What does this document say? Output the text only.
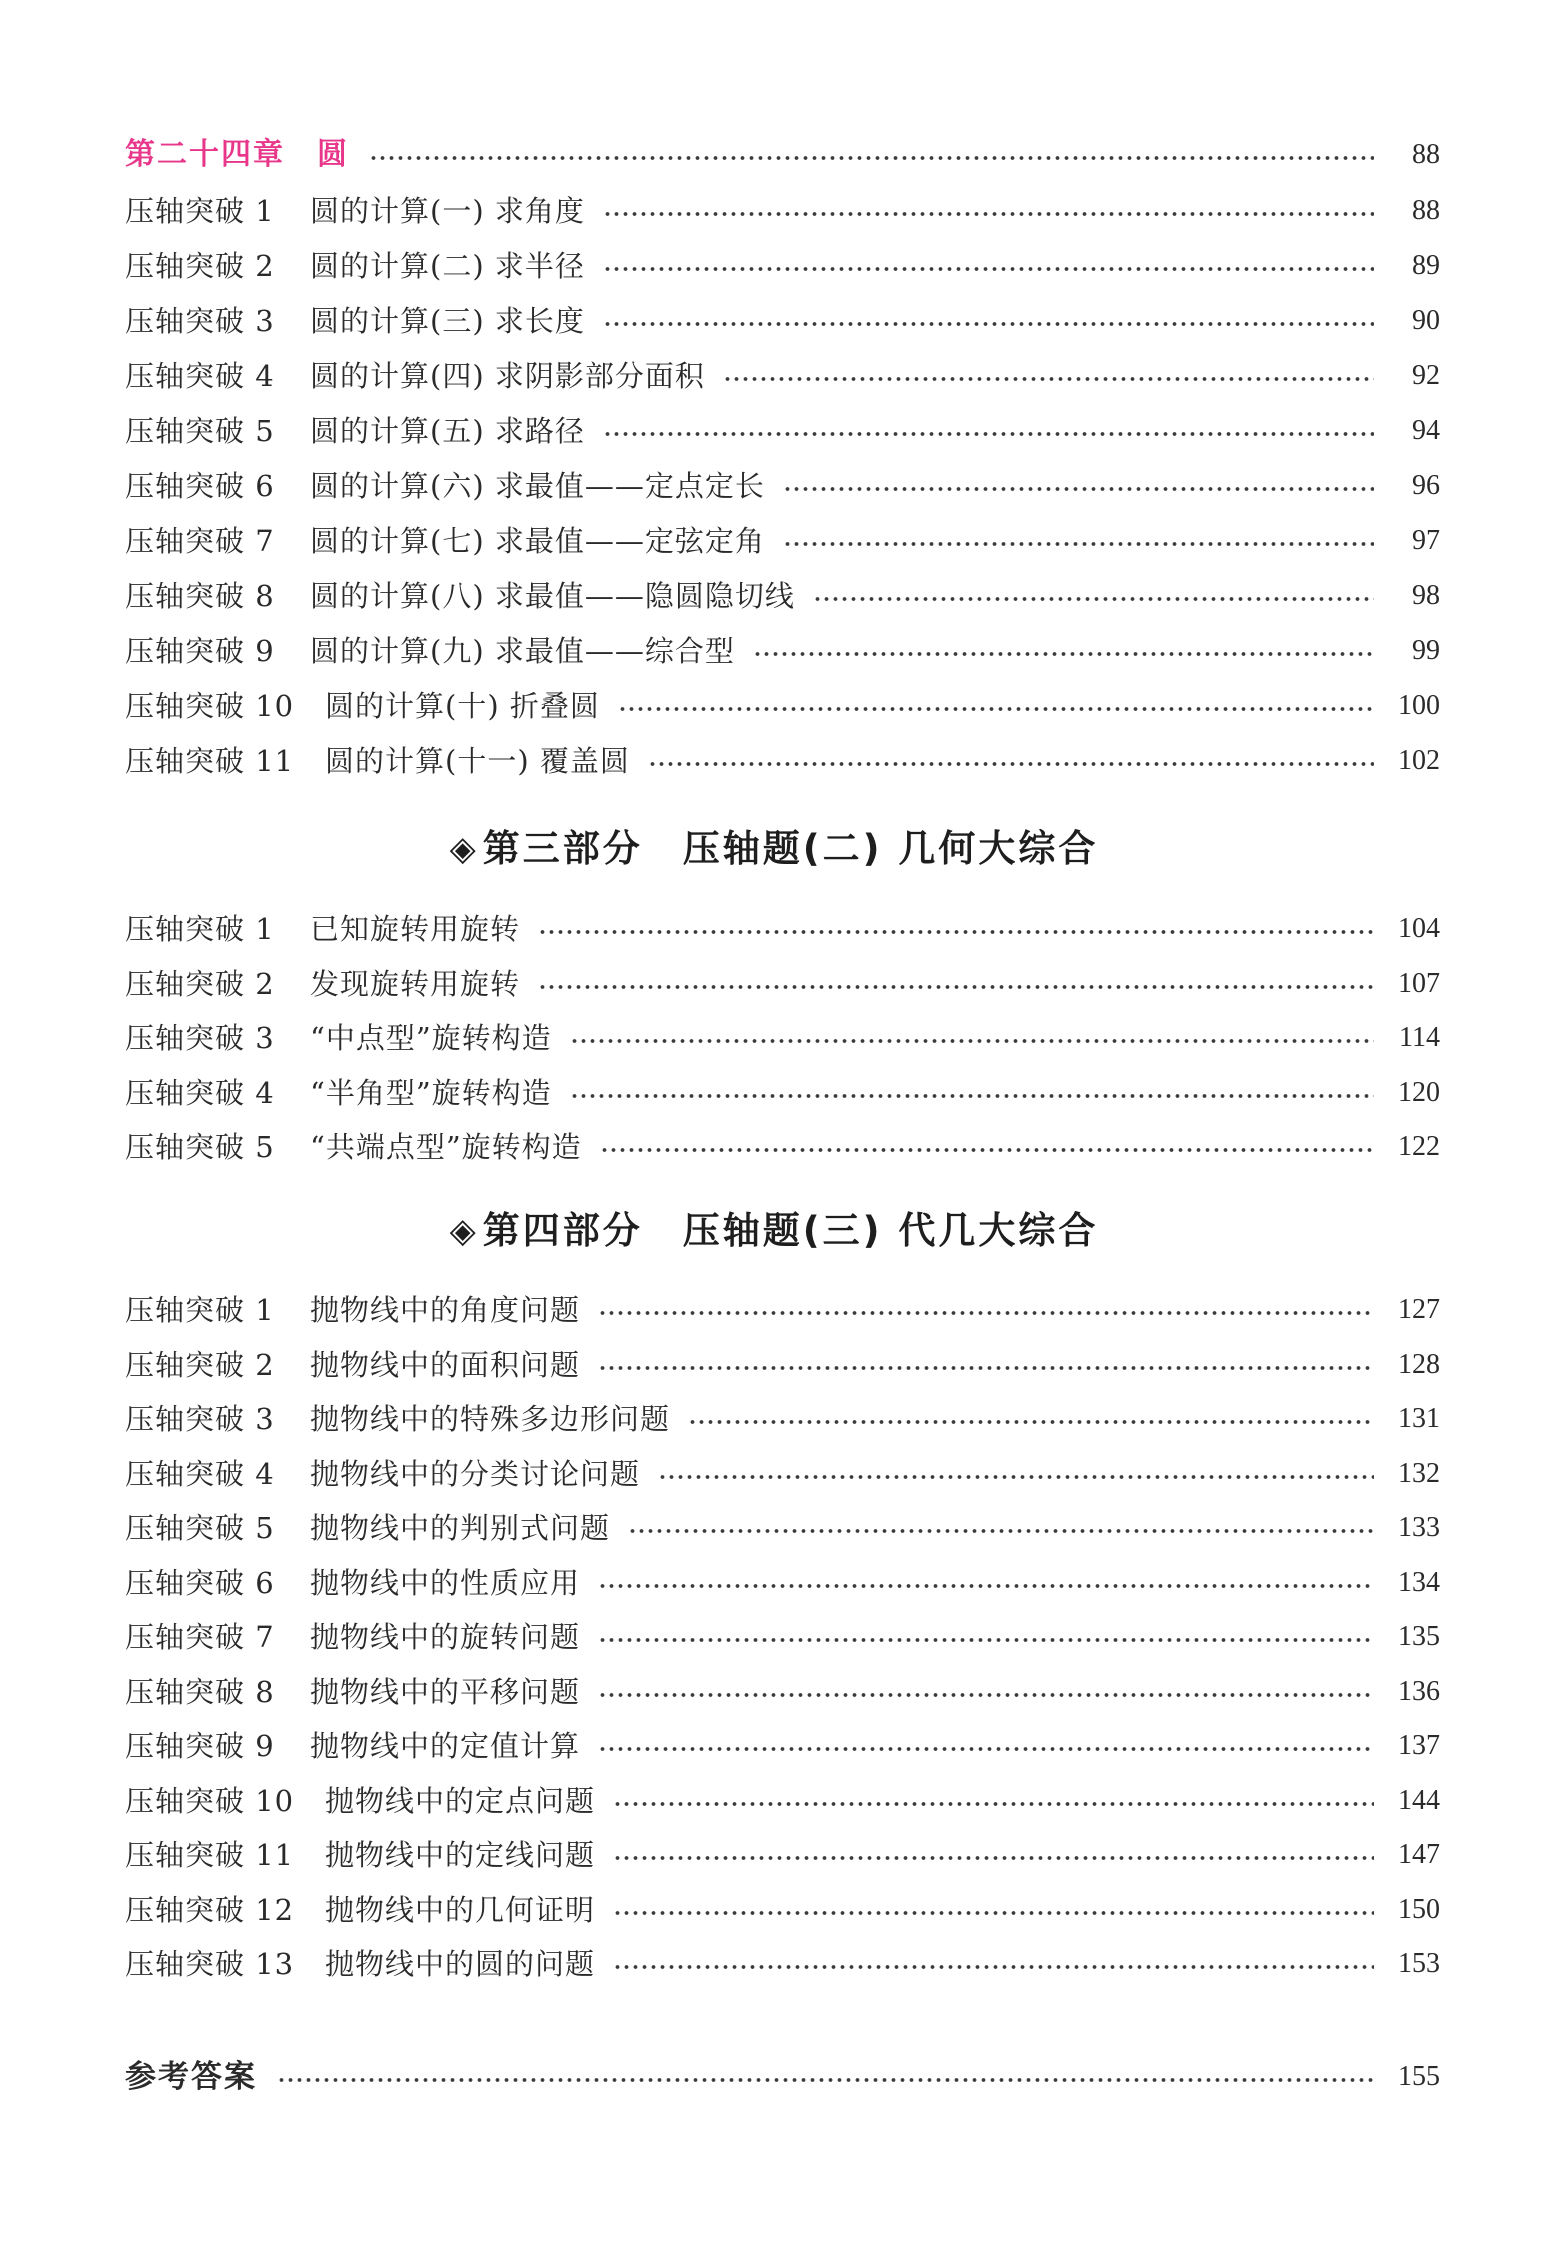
第二十四章　圆	88
压轴突破 1	圆的计算(一) 求角度	88
压轴突破 2	圆的计算(二) 求半径	89
压轴突破 3	圆的计算(三) 求长度	90
压轴突破 4	圆的计算(四) 求阴影部分面积	92
压轴突破 5	圆的计算(五) 求路径	94
压轴突破 6	圆的计算(六) 求最值——定点定长	96
压轴突破 7	圆的计算(七) 求最值——定弦定角	97
压轴突破 8	圆的计算(八) 求最值——隐圆隐切线	98
压轴突破 9	圆的计算(九) 求最值——综合型	99
压轴突破 10	圆的计算(十) 折叠圆	100
压轴突破 11	圆的计算(十一) 覆盖圆	102
◈ 第三部分　压轴题(二) 几何大综合
压轴突破 1	已知旋转用旋转	104
压轴突破 2	发现旋转用旋转	107
压轴突破 3	“中点型”旋转构造	114
压轴突破 4	“半角型”旋转构造	120
压轴突破 5	“共端点型”旋转构造	122
◈ 第四部分　压轴题(三) 代几大综合
压轴突破 1	抛物线中的角度问题	127
压轴突破 2	抛物线中的面积问题	128
压轴突破 3	抛物线中的特殊多边形问题	131
压轴突破 4	抛物线中的分类讨论问题	132
压轴突破 5	抛物线中的判别式问题	133
压轴突破 6	抛物线中的性质应用	134
压轴突破 7	抛物线中的旋转问题	135
压轴突破 8	抛物线中的平移问题	136
压轴突破 9	抛物线中的定值计算	137
压轴突破 10	抛物线中的定点问题	144
压轴突破 11	抛物线中的定线问题	147
压轴突破 12	抛物线中的几何证明	150
压轴突破 13	抛物线中的圆的问题	153
参考答案	155
